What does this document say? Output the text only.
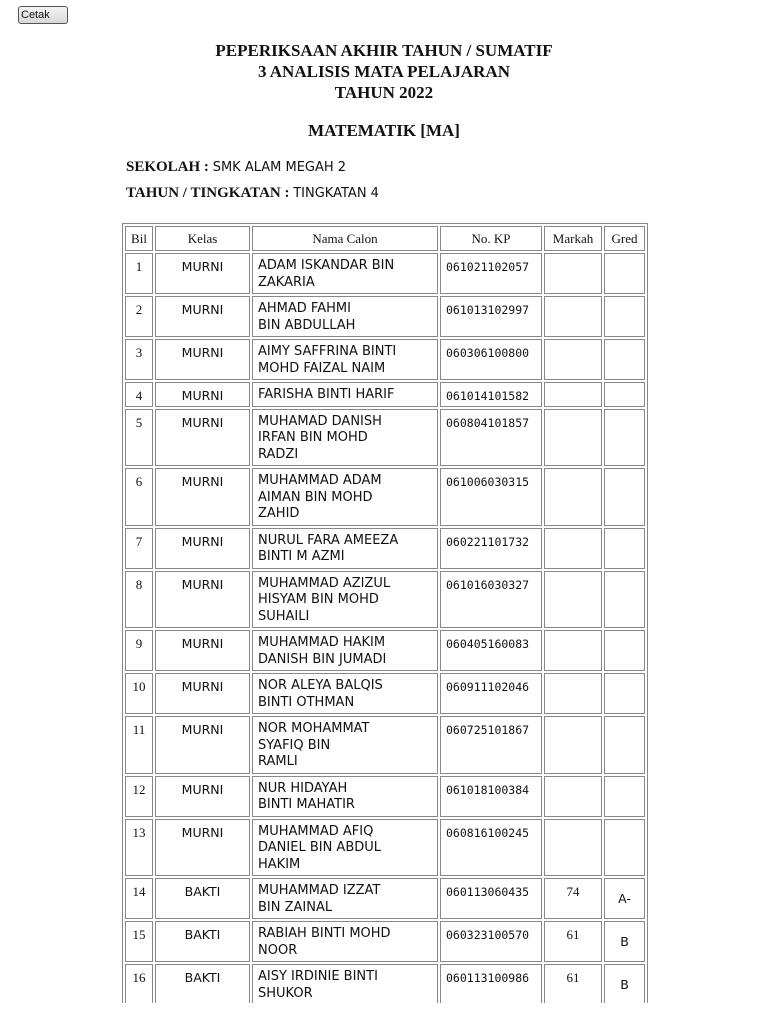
Cetak
PEPERIKSAAN AKHIR TAHUN / SUMATIF
3 ANALISIS MATA PELAJARAN
TAHUN 2022
MATEMATIK [MA]
SEKOLAH : SMK ALAM MEGAH 2
TAHUN / TINGKATAN : TINGKATAN 4
Bil	Kelas	Nama Calon	No. KP	Markah	Gred
1	MURNI	ADAM ISKANDAR BIN
ZAKARIA	061021102057		
2	MURNI	AHMAD FAHMI
BIN ABDULLAH	061013102997		
3	MURNI	AIMY SAFFRINA BINTI
MOHD FAIZAL NAIM	060306100800		
4	MURNI	FARISHA BINTI HARIF	061014101582		
5	MURNI	MUHAMAD DANISH
IRFAN BIN MOHD
RADZI	060804101857		
6	MURNI	MUHAMMAD ADAM
AIMAN BIN MOHD
ZAHID	061006030315		
7	MURNI	NURUL FARA AMEEZA
BINTI M AZMI	060221101732		
8	MURNI	MUHAMMAD AZIZUL
HISYAM BIN MOHD
SUHAILI	061016030327		
9	MURNI	MUHAMMAD HAKIM
DANISH BIN JUMADI	060405160083		
10	MURNI	NOR ALEYA BALQIS
BINTI OTHMAN	060911102046		
11	MURNI	NOR MOHAMMAT
SYAFIQ BIN
RAMLI	060725101867		
12	MURNI	NUR HIDAYAH
BINTI MAHATIR	061018100384		
13	MURNI	MUHAMMAD AFIQ
DANIEL BIN ABDUL
HAKIM	060816100245		
14	BAKTI	MUHAMMAD IZZAT
BIN ZAINAL	060113060435	74	A-
15	BAKTI	RABIAH BINTI MOHD
NOOR	060323100570	61	B
16	BAKTI	AISY IRDINIE BINTI
SHUKOR	060113100986	61	B
